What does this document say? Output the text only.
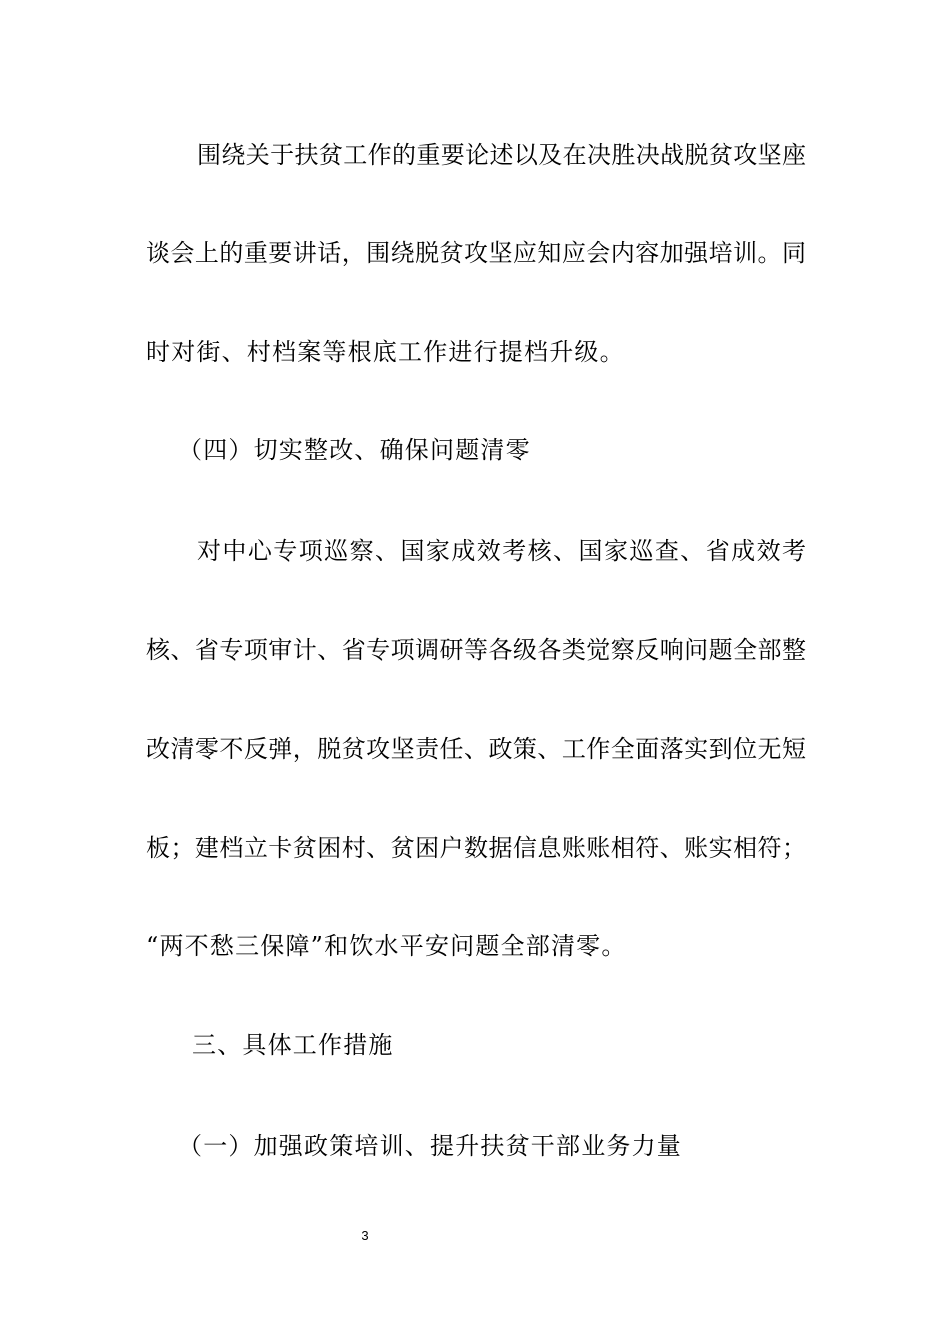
围绕关于扶贫工作的重要论述以及在决胜决战脱贫攻坚座
谈会上的重要讲话，围绕脱贫攻坚应知应会内容加强培训。同
时对街、村档案等根底工作进行提档升级。
（四）切实整改、确保问题清零
对中心专项巡察、国家成效考核、国家巡查、省成效考
核、省专项审计、省专项调研等各级各类觉察反响问题全部整
改清零不反弹，脱贫攻坚责任、政策、工作全面落实到位无短
板；建档立卡贫困村、贫困户数据信息账账相符、账实相符；
“两不愁三保障”和饮水平安问题全部清零。
三、具体工作措施
（一）加强政策培训、提升扶贫干部业务力量
3
